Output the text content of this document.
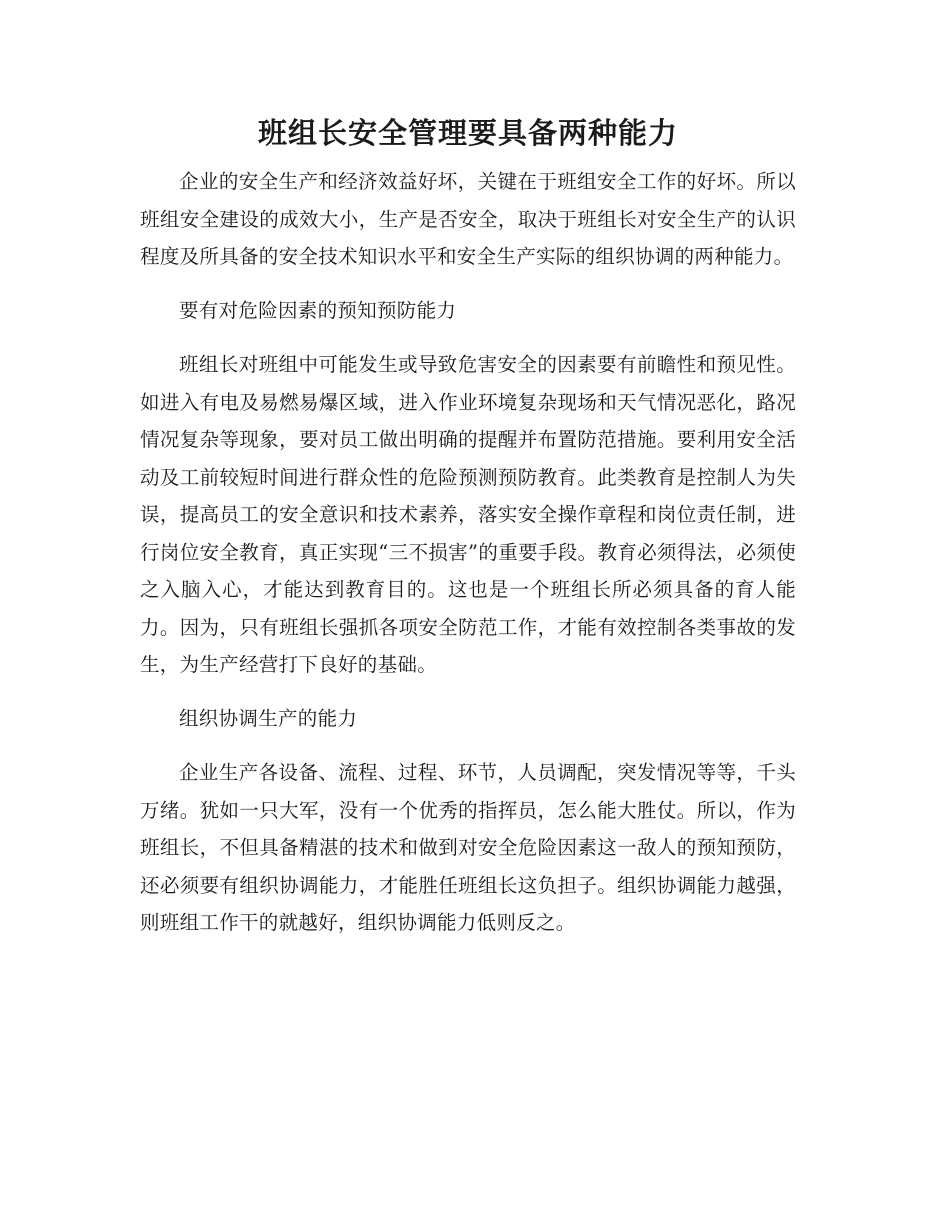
班组长安全管理要具备两种能力

企业的安全生产和经济效益好坏，关键在于班组安全工作的好坏。所以班组安全建设的成效大小，生产是否安全，取决于班组长对安全生产的认识程度及所具备的安全技术知识水平和安全生产实际的组织协调的两种能力。

要有对危险因素的预知预防能力

班组长对班组中可能发生或导致危害安全的因素要有前瞻性和预见性。如进入有电及易燃易爆区域，进入作业环境复杂现场和天气情况恶化，路况情况复杂等现象，要对员工做出明确的提醒并布置防范措施。要利用安全活动及工前较短时间进行群众性的危险预测预防教育。此类教育是控制人为失误，提高员工的安全意识和技术素养，落实安全操作章程和岗位责任制，进行岗位安全教育，真正实现“三不损害”的重要手段。教育必须得法，必须使之入脑入心，才能达到教育目的。这也是一个班组长所必须具备的育人能力。因为，只有班组长强抓各项安全防范工作，才能有效控制各类事故的发生，为生产经营打下良好的基础。

组织协调生产的能力

企业生产各设备、流程、过程、环节，人员调配，突发情况等等，千头万绪。犹如一只大军，没有一个优秀的指挥员，怎么能大胜仗。所以，作为班组长，不但具备精湛的技术和做到对安全危险因素这一敌人的预知预防，还必须要有组织协调能力，才能胜任班组长这负担子。组织协调能力越强，则班组工作干的就越好，组织协调能力低则反之。
